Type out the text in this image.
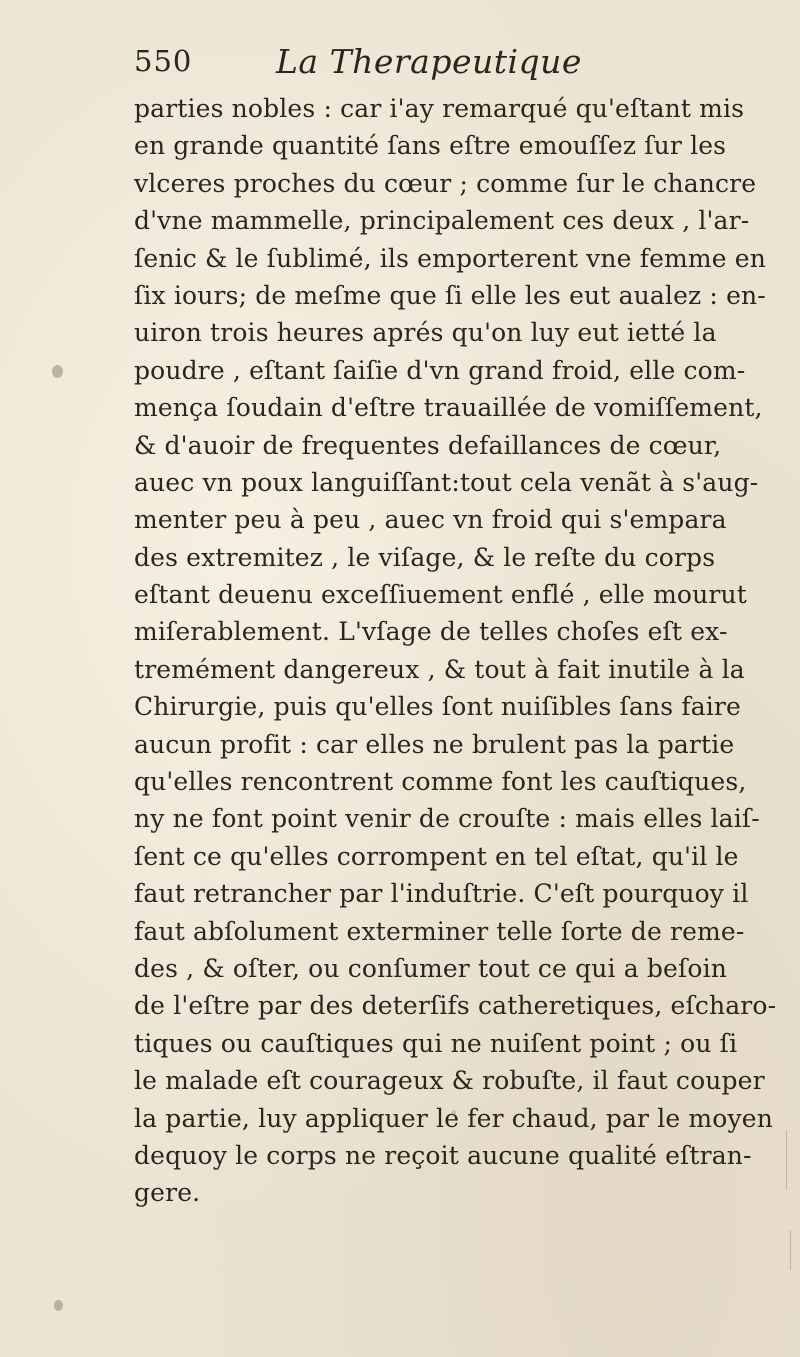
550	La Therapeutique
parties nobles : car i'ay remarqué qu'eſtant mis
en grande quantité ſans eſtre emouſſez ſur les
vlceres proches du cœur ; comme ſur le chancre
d'vne mammelle, principalement ces deux , l'ar-
ſenic & le ſublimé, ils emporterent vne femme en
ſix iours; de meſme que ſi elle les eut aualez : en-
uiron trois heures aprés qu'on luy eut ietté la
poudre , eſtant ſaiſie d'vn grand froid, elle com-
mença ſoudain d'eſtre trauaillée de vomiſſement,
& d'auoir de frequentes defaillances de cœur,
auec vn poux languiſſant:tout cela venãt à s'aug-
menter peu à peu , auec vn froid qui s'empara
des extremitez , le viſage, & le reſte du corps
eſtant deuenu exceſſiuement enflé , elle mourut
miſerablement. L'vſage de telles choſes eſt ex-
tremément dangereux , & tout à fait inutile à la
Chirurgie, puis qu'elles ſont nuiſibles ſans faire
aucun profit : car elles ne brulent pas la partie
qu'elles rencontrent comme font les cauſtiques,
ny ne font point venir de crouſte : mais elles laiſ-
ſent ce qu'elles corrompent en tel eſtat, qu'il le
faut retrancher par l'induſtrie. C'eſt pourquoy il
faut abſolument exterminer telle ſorte de reme-
des , & oſter, ou conſumer tout ce qui a beſoin
de l'eſtre par des deterſifs catheretiques, eſcharo-
tiques ou cauſtiques qui ne nuiſent point ; ou ſi
le malade eſt courageux & robuſte, il faut couper
la partie, luy appliquer le fer chaud, par le moyen
dequoy le corps ne reçoit aucune qualité eſtran-
gere.
